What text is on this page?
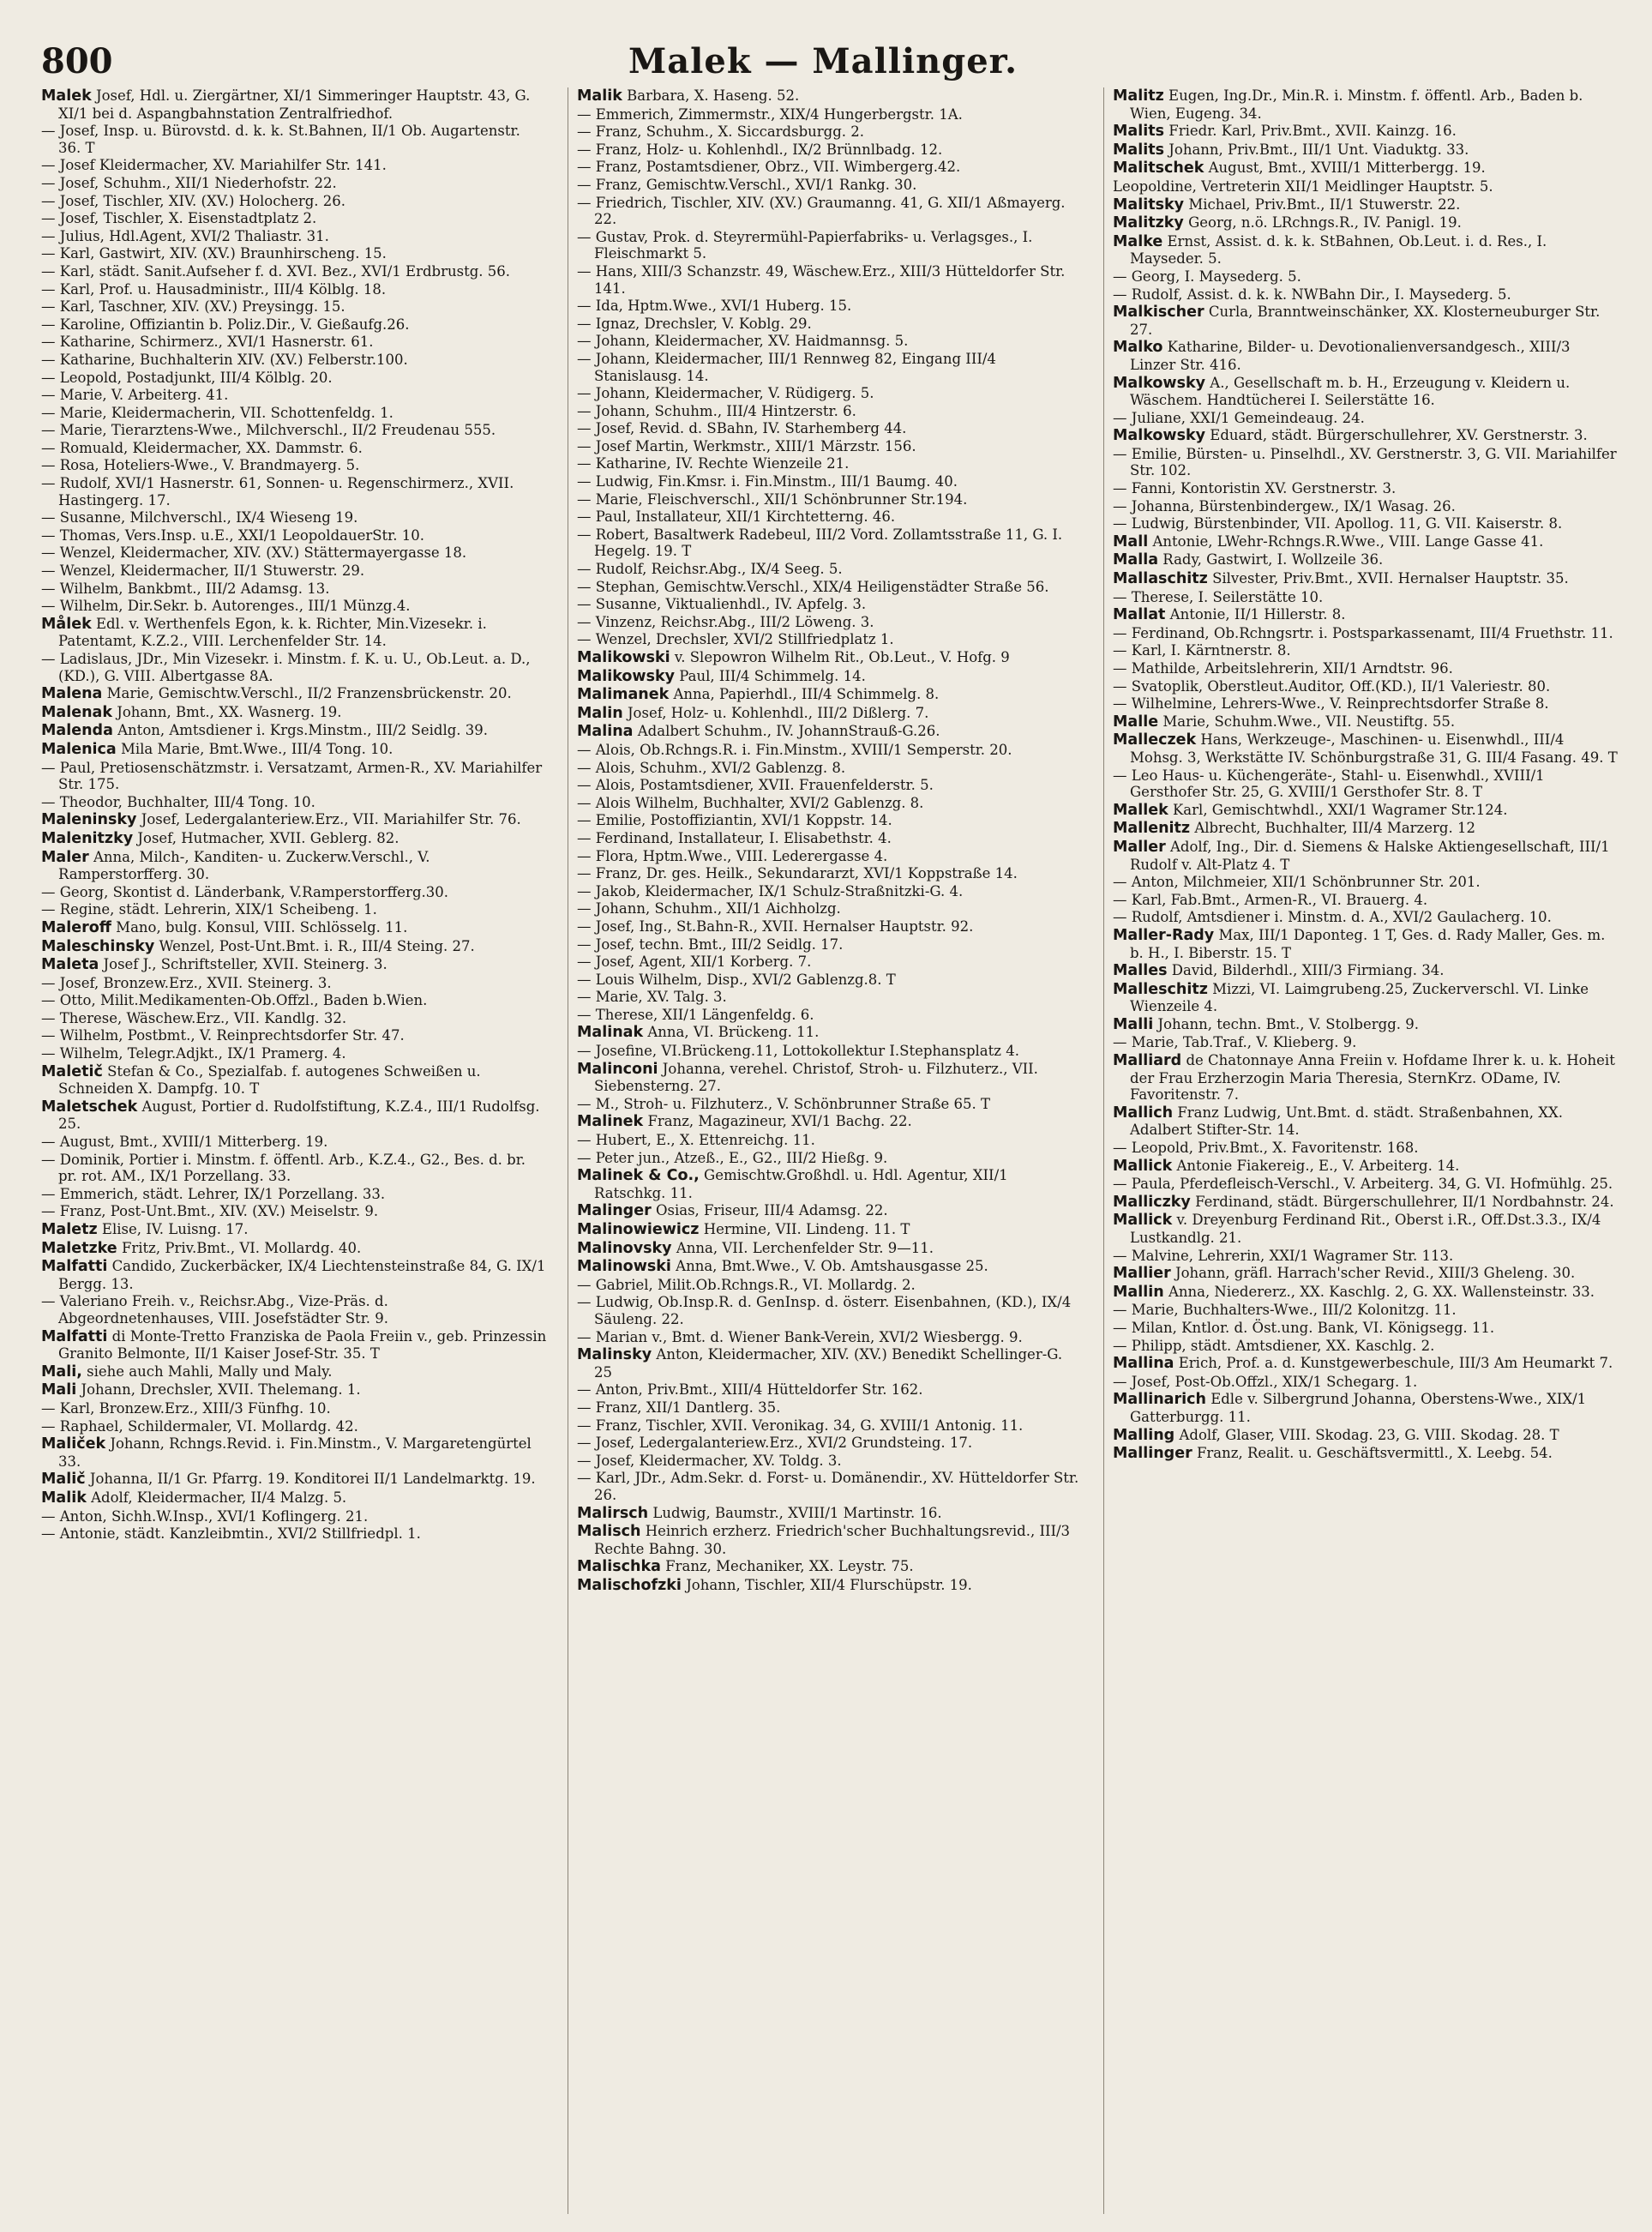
800	Malek — Mallinger.
Malek Josef, Hdl. u. Ziergärtner, XI/1 Simmeringer Hauptstr. 43, G. XI/1 bei d. Aspangbahnstation Zentralfriedhof.
— Josef, Insp. u. Bürovstd. d. k. k. St.Bahnen, II/1 Ob. Augartenstr. 36. T
— Josef Kleidermacher, XV. Mariahilfer Str. 141.
— Josef, Schuhm., XII/1 Niederhofstr. 22.
— Josef, Tischler, XIV. (XV.) Holocherg. 26.
— Josef, Tischler, X. Eisenstadtplatz 2.
— Julius, Hdl.Agent, XVI/2 Thaliastr. 31.
— Karl, Gastwirt, XIV. (XV.) Braunhirscheng. 15.
— Karl, städt. Sanit.Aufseher f. d. XVI. Bez., XVI/1 Erdbrustg. 56.
— Karl, Prof. u. Hausadministr., III/4 Kölblg. 18.
— Karl, Taschner, XIV. (XV.) Preysingg. 15.
— Karoline, Offiziantin b. Poliz.Dir., V. Gießaufg.26.
— Katharine, Schirmerz., XVI/1 Hasnerstr. 61.
— Katharine, Buchhalterin XIV. (XV.) Felberstr.100.
— Leopold, Postadjunkt, III/4 Kölblg. 20.
— Marie, V. Arbeiterg. 41.
— Marie, Kleidermacherin, VII. Schottenfeldg. 1.
— Marie, Tierarztens-Wwe., Milchverschl., II/2 Freudenau 555.
— Romuald, Kleidermacher, XX. Dammstr. 6.
— Rosa, Hoteliers-Wwe., V. Brandmayerg. 5.
— Rudolf, XVI/1 Hasnerstr. 61, Sonnen- u. Regenschirmerz., XVII. Hastingerg. 17.
— Susanne, Milchverschl., IX/4 Wieseng 19.
— Thomas, Vers.Insp. u.E., XXI/1 LeopoldauerStr. 10.
— Wenzel, Kleidermacher, XIV. (XV.) Stättermayergasse 18.
— Wenzel, Kleidermacher, II/1 Stuwerstr. 29.
— Wilhelm, Bankbmt., III/2 Adamsg. 13.
— Wilhelm, Dir.Sekr. b. Autorenges., III/1 Münzg.4.
Målek Edl. v. Werthenfels Egon, k. k. Richter, Min.Vizesekr. i. Patentamt, K.Z.2., VIII. Lerchenfelder Str. 14.
— Ladislaus, JDr., Min Vizesekr. i. Minstm. f. K. u. U., Ob.Leut. a. D., (KD.), G. VIII. Albertgasse 8A.
Malena Marie, Gemischtw.Verschl., II/2 Franzensbrückenstr. 20.
Malenak Johann, Bmt., XX. Wasnerg. 19.
Malenda Anton, Amtsdiener i. Krgs.Minstm., III/2 Seidlg. 39.
Malenica Mila Marie, Bmt.Wwe., III/4 Tong. 10.
— Paul, Pretiosenschätzmstr. i. Versatzamt, Armen-R., XV. Mariahilfer Str. 175.
— Theodor, Buchhalter, III/4 Tong. 10.
Maleninsky Josef, Ledergalanteriew.Erz., VII. Mariahilfer Str. 76.
Malenitzky Josef, Hutmacher, XVII. Geblerg. 82.
Maler Anna, Milch-, Kanditen- u. Zuckerw.Verschl., V. Ramperstorfferg. 30.
— Georg, Skontist d. Länderbank, V.Ramperstorfferg.30.
— Regine, städt. Lehrerin, XIX/1 Scheibeng. 1.
Maleroff Mano, bulg. Konsul, VIII. Schlösselg. 11.
Maleschinsky Wenzel, Post-Unt.Bmt. i. R., III/4 Steing. 27.
Maleta Josef J., Schriftsteller, XVII. Steinerg. 3.
— Josef, Bronzew.Erz., XVII. Steinerg. 3.
— Otto, Milit.Medikamenten-Ob.Offzl., Baden b.Wien.
— Therese, Wäschew.Erz., VII. Kandlg. 32.
— Wilhelm, Postbmt., V. Reinprechtsdorfer Str. 47.
— Wilhelm, Telegr.Adjkt., IX/1 Pramerg. 4.
Maletič Stefan & Co., Spezialfab. f. autogenes Schweißen u. Schneiden X. Dampfg. 10. T
Maletschek August, Portier d. Rudolfstiftung, K.Z.4., III/1 Rudolfsg. 25.
— August, Bmt., XVIII/1 Mitterberg. 19.
— Dominik, Portier i. Minstm. f. öffentl. Arb., K.Z.4., G2., Bes. d. br. pr. rot. AM., IX/1 Porzellang. 33.
— Emmerich, städt. Lehrer, IX/1 Porzellang. 33.
— Franz, Post-Unt.Bmt., XIV. (XV.) Meiselstr. 9.
Maletz Elise, IV. Luisng. 17.
Maletzke Fritz, Priv.Bmt., VI. Mollardg. 40.
Malfatti Candido, Zuckerbäcker, IX/4 Liechtensteinstraße 84, G. IX/1 Bergg. 13.
— Valeriano Freih. v., Reichsr.Abg., Vize-Präs. d. Abgeordnetenhauses, VIII. Josefstädter Str. 9.
Malfatti di Monte-Tretto Franziska de Paola Freiin v., geb. Prinzessin Granito Belmonte, II/1 Kaiser Josef-Str. 35. T
Mali, siehe auch Mahli, Mally und Maly.
Mali Johann, Drechsler, XVII. Thelemang. 1.
— Karl, Bronzew.Erz., XIII/3 Fünfhg. 10.
— Raphael, Schildermaler, VI. Mollardg. 42.
Maliček Johann, Rchngs.Revid. i. Fin.Minstm., V. Margaretengürtel 33.
Malič Johanna, II/1 Gr. Pfarrg. 19. Konditorei II/1 Landelmarktg. 19.
Malik Adolf, Kleidermacher, II/4 Malzg. 5.
— Anton, Sichh.W.Insp., XVI/1 Koflingerg. 21.
— Antonie, städt. Kanzleibmtin., XVI/2 Stillfriedpl. 1.
Malik Barbara, X. Haseng. 52.
— Emmerich, Zimmermstr., XIX/4 Hungerbergstr. 1A.
— Franz, Schuhm., X. Siccardsburgg. 2.
— Franz, Holz- u. Kohlenhdl., IX/2 Brünnlbadg. 12.
— Franz, Postamtsdiener, Obrz., VII. Wimbergerg.42.
— Franz, Gemischtw.Verschl., XVI/1 Rankg. 30.
— Friedrich, Tischler, XIV. (XV.) Graumanng. 41, G. XII/1 Aßmayerg. 22.
— Gustav, Prok. d. Steyrermühl-Papierfabriks- u. Verlagsges., I. Fleischmarkt 5.
— Hans, XIII/3 Schanzstr. 49, Wäschew.Erz., XIII/3 Hütteldorfer Str. 141.
— Ida, Hptm.Wwe., XVI/1 Huberg. 15.
— Ignaz, Drechsler, V. Koblg. 29.
— Johann, Kleidermacher, XV. Haidmannsg. 5.
— Johann, Kleidermacher, III/1 Rennweg 82, Eingang III/4 Stanislausg. 14.
— Johann, Kleidermacher, V. Rüdigerg. 5.
— Johann, Schuhm., III/4 Hintzerstr. 6.
— Josef, Revid. d. SBahn, IV. Starhemberg 44.
— Josef Martin, Werkmstr., XIII/1 Märzstr. 156.
— Katharine, IV. Rechte Wienzeile 21.
— Ludwig, Fin.Kmsr. i. Fin.Minstm., III/1 Baumg. 40.
— Marie, Fleischverschl., XII/1 Schönbrunner Str.194.
— Paul, Installateur, XII/1 Kirchtetterng. 46.
— Robert, Basaltwerk Radebeul, III/2 Vord. Zollamtsstraße 11, G. I. Hegelg. 19. T
— Rudolf, Reichsr.Abg., IX/4 Seeg. 5.
— Stephan, Gemischtw.Verschl., XIX/4 Heiligenstädter Straße 56.
— Susanne, Viktualienhdl., IV. Apfelg. 3.
— Vinzenz, Reichsr.Abg., III/2 Löweng. 3.
— Wenzel, Drechsler, XVI/2 Stillfriedplatz 1.
Malikowski v. Slepowron Wilhelm Rit., Ob.Leut., V. Hofg. 9
Malikowsky Paul, III/4 Schimmelg. 14.
Malimanek Anna, Papierhdl., III/4 Schimmelg. 8.
Malin Josef, Holz- u. Kohlenhdl., III/2 Dißlerg. 7.
Malina Adalbert Schuhm., IV. JohannStrauß-G.26.
— Alois, Ob.Rchngs.R. i. Fin.Minstm., XVIII/1 Semperstr. 20.
— Alois, Schuhm., XVI/2 Gablenzg. 8.
— Alois, Postamtsdiener, XVII. Frauenfelderstr. 5.
— Alois Wilhelm, Buchhalter, XVI/2 Gablenzg. 8.
— Emilie, Postoffiziantin, XVI/1 Koppstr. 14.
— Ferdinand, Installateur, I. Elisabethstr. 4.
— Flora, Hptm.Wwe., VIII. Lederergasse 4.
— Franz, Dr. ges. Heilk., Sekundararzt, XVI/1 Koppstraße 14.
— Jakob, Kleidermacher, IX/1 Schulz-Straßnitzki-G. 4.
— Johann, Schuhm., XII/1 Aichholzg.
— Josef, Ing., St.Bahn-R., XVII. Hernalser Hauptstr. 92.
— Josef, techn. Bmt., III/2 Seidlg. 17.
— Josef, Agent, XII/1 Korberg. 7.
— Louis Wilhelm, Disp., XVI/2 Gablenzg.8. T
— Marie, XV. Talg. 3.
— Therese, XII/1 Längenfeldg. 6.
Malinak Anna, VI. Brückeng. 11.
— Josefine, VI.Brückeng.11, Lottokollektur I.Stephansplatz 4.
Malinconi Johanna, verehel. Christof, Stroh- u. Filzhuterz., VII. Siebensterng. 27.
— M., Stroh- u. Filzhuterz., V. Schönbrunner Straße 65. T
Malinek Franz, Magazineur, XVI/1 Bachg. 22.
— Hubert, E., X. Ettenreichg. 11.
— Peter jun., Atzeß., E., G2., III/2 Hießg. 9.
Malinek & Co., Gemischtw.Großhdl. u. Hdl. Agentur, XII/1 Ratschkg. 11.
Malinger Osias, Friseur, III/4 Adamsg. 22.
Malinowiewicz Hermine, VII. Lindeng. 11. T
Malinovsky Anna, VII. Lerchenfelder Str. 9—11.
Malinowski Anna, Bmt.Wwe., V. Ob. Amtshausgasse 25.
— Gabriel, Milit.Ob.Rchngs.R., VI. Mollardg. 2.
— Ludwig, Ob.Insp.R. d. GenInsp. d. österr. Eisenbahnen, (KD.), IX/4 Säuleng. 22.
— Marian v., Bmt. d. Wiener Bank-Verein, XVI/2 Wiesbergg. 9.
Malinsky Anton, Kleidermacher, XIV. (XV.) Benedikt Schellinger-G. 25
— Anton, Priv.Bmt., XIII/4 Hütteldorfer Str. 162.
— Franz, XII/1 Dantlerg. 35.
— Franz, Tischler, XVII. Veronikag. 34, G. XVIII/1 Antonig. 11.
— Josef, Ledergalanteriew.Erz., XVI/2 Grundsteing. 17.
— Josef, Kleidermacher, XV. Toldg. 3.
— Karl, JDr., Adm.Sekr. d. Forst- u. Domänendir., XV. Hütteldorfer Str. 26.
Malirsch Ludwig, Baumstr., XVIII/1 Martinstr. 16.
Malisch Heinrich erzherz. Friedrich'scher Buchhaltungsrevid., III/3 Rechte Bahng. 30.
Malischka Franz, Mechaniker, XX. Leystr. 75.
Malischofzki Johann, Tischler, XII/4 Flurschüpstr. 19.
Malitz Eugen, Ing.Dr., Min.R. i. Minstm. f. öffentl. Arb., Baden b. Wien, Eugeng. 34.
Malits Friedr. Karl, Priv.Bmt., XVII. Kainzg. 16.
Malits Johann, Priv.Bmt., III/1 Unt. Viaduktg. 33.
Malitschek August, Bmt., XVIII/1 Mitterbergg. 19.
Leopoldine, Vertreterin XII/1 Meidlinger Hauptstr. 5.
Malitsky Michael, Priv.Bmt., II/1 Stuwerstr. 22.
Malitzky Georg, n.ö. LRchngs.R., IV. Panigl. 19.
Malke Ernst, Assist. d. k. k. StBahnen, Ob.Leut. i. d. Res., I. Mayseder. 5.
— Georg, I. Maysederg. 5.
— Rudolf, Assist. d. k. k. NWBahn Dir., I. Maysederg. 5.
Malkischer Curla, Branntweinschänker, XX. Klosterneuburger Str. 27.
Malko Katharine, Bilder- u. Devotionalienversandgesch., XIII/3 Linzer Str. 416.
Malkowsky A., Gesellschaft m. b. H., Erzeugung v. Kleidern u. Wäschem. Handtücherei I. Seilerstätte 16.
— Juliane, XXI/1 Gemeindeaug. 24.
Malkowsky Eduard, städt. Bürgerschullehrer, XV. Gerstnerstr. 3.
— Emilie, Bürsten- u. Pinselhdl., XV. Gerstnerstr. 3, G. VII. Mariahilfer Str. 102.
— Fanni, Kontoristin XV. Gerstnerstr. 3.
— Johanna, Bürstenbindergew., IX/1 Wasag. 26.
— Ludwig, Bürstenbinder, VII. Apollog. 11, G. VII. Kaiserstr. 8.
Mall Antonie, LWehr-Rchngs.R.Wwe., VIII. Lange Gasse 41.
Malla Rady, Gastwirt, I. Wollzeile 36.
Mallaschitz Silvester, Priv.Bmt., XVII. Hernalser Hauptstr. 35.
— Therese, I. Seilerstätte 10.
Mallat Antonie, II/1 Hillerstr. 8.
— Ferdinand, Ob.Rchngsrtr. i. Postsparkassenamt, III/4 Fruethstr. 11.
— Karl, I. Kärntnerstr. 8.
— Mathilde, Arbeitslehrerin, XII/1 Arndtstr. 96.
— Svatoplik, Oberstleut.Auditor, Off.(KD.), II/1 Valeriestr. 80.
— Wilhelmine, Lehrers-Wwe., V. Reinprechtsdorfer Straße 8.
Malle Marie, Schuhm.Wwe., VII. Neustiftg. 55.
Malleczek Hans, Werkzeuge-, Maschinen- u. Eisenwhdl., III/4 Mohsg. 3, Werkstätte IV. Schönburgstraße 31, G. III/4 Fasang. 49. T
— Leo Haus- u. Küchengeräte-, Stahl- u. Eisenwhdl., XVIII/1 Gersthofer Str. 25, G. XVIII/1 Gersthofer Str. 8. T
Mallek Karl, Gemischtwhdl., XXI/1 Wagramer Str.124.
Mallenitz Albrecht, Buchhalter, III/4 Marzerg. 12
Maller Adolf, Ing., Dir. d. Siemens & Halske Aktiengesellschaft, III/1 Rudolf v. Alt-Platz 4. T
— Anton, Milchmeier, XII/1 Schönbrunner Str. 201.
— Karl, Fab.Bmt., Armen-R., VI. Brauerg. 4.
— Rudolf, Amtsdiener i. Minstm. d. A., XVI/2 Gaulacherg. 10.
Maller-Rady Max, III/1 Daponteg. 1 T, Ges. d. Rady Maller, Ges. m. b. H., I. Biberstr. 15. T
Malles David, Bilderhdl., XIII/3 Firmiang. 34.
Malleschitz Mizzi, VI. Laimgrubeng.25, Zuckerverschl. VI. Linke Wienzeile 4.
Malli Johann, techn. Bmt., V. Stolbergg. 9.
— Marie, Tab.Traf., V. Klieberg. 9.
Malliard de Chatonnaye Anna Freiin v. Hofdame Ihrer k. u. k. Hoheit der Frau Erzherzogin Maria Theresia, SternKrz. ODame, IV. Favoritenstr. 7.
Mallich Franz Ludwig, Unt.Bmt. d. städt. Straßenbahnen, XX. Adalbert Stifter-Str. 14.
— Leopold, Priv.Bmt., X. Favoritenstr. 168.
Mallick Antonie Fiakereig., E., V. Arbeiterg. 14.
— Paula, Pferdefleisch-Verschl., V. Arbeiterg. 34, G. VI. Hofmühlg. 25.
Malliczky Ferdinand, städt. Bürgerschullehrer, II/1 Nordbahnstr. 24.
Mallick v. Dreyenburg Ferdinand Rit., Oberst i.R., Off.Dst.3.3., IX/4 Lustkandlg. 21.
— Malvine, Lehrerin, XXI/1 Wagramer Str. 113.
Mallier Johann, gräfl. Harrach'scher Revid., XIII/3 Gheleng. 30.
Mallin Anna, Niedererz., XX. Kaschlg. 2, G. XX. Wallensteinstr. 33.
— Marie, Buchhalters-Wwe., III/2 Kolonitzg. 11.
— Milan, Kntlor. d. Öst.ung. Bank, VI. Königsegg. 11.
— Philipp, städt. Amtsdiener, XX. Kaschlg. 2.
Mallina Erich, Prof. a. d. Kunstgewerbeschule, III/3 Am Heumarkt 7.
— Josef, Post-Ob.Offzl., XIX/1 Schegarg. 1.
Mallinarich Edle v. Silbergrund Johanna, Oberstens-Wwe., XIX/1 Gatterburgg. 11.
Malling Adolf, Glaser, VIII. Skodag. 23, G. VIII. Skodag. 28. T
Mallinger Franz, Realit. u. Geschäftsvermittl., X. Leebg. 54.
